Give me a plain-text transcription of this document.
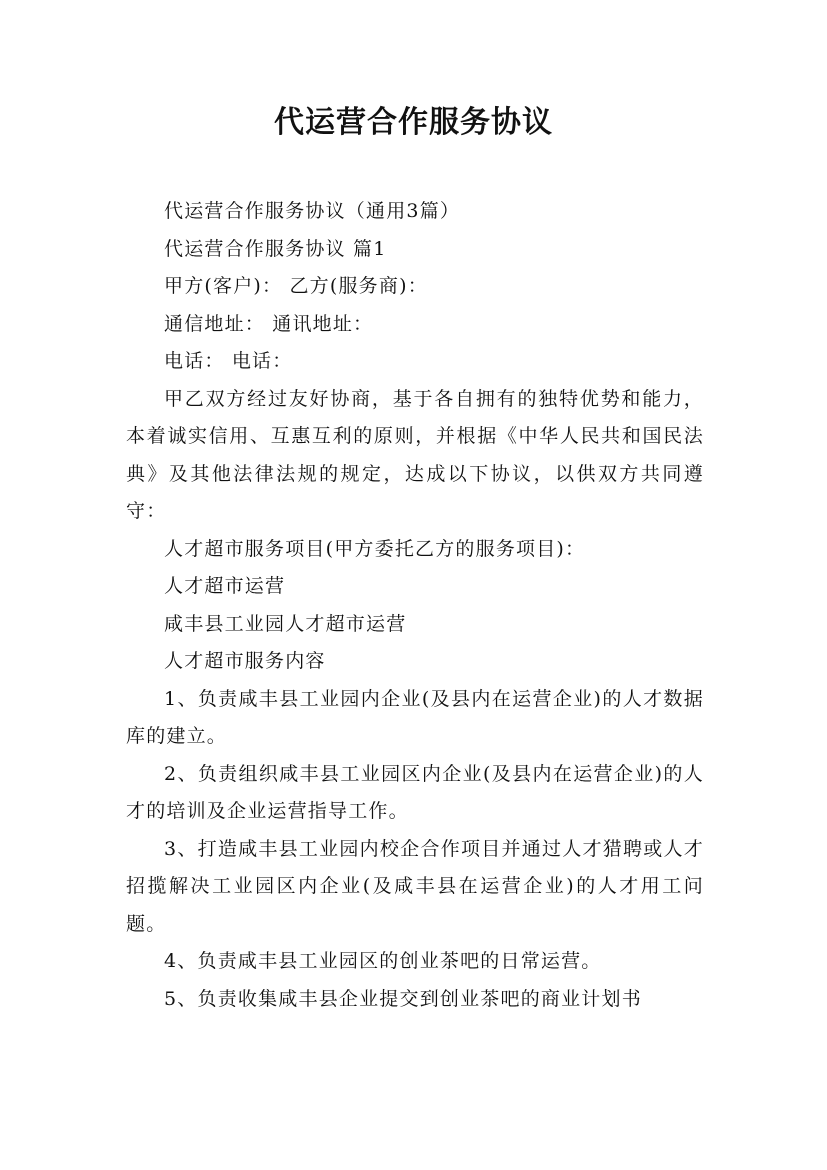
代运营合作服务协议

代运营合作服务协议（通用3篇）

代运营合作服务协议 篇1

甲方(客户)： 乙方(服务商)：

通信地址： 通讯地址：

电话： 电话：

甲乙双方经过友好协商，基于各自拥有的独特优势和能力，本着诚实信用、互惠互利的原则，并根据《中华人民共和国民法典》及其他法律法规的规定，达成以下协议，以供双方共同遵守：

人才超市服务项目(甲方委托乙方的服务项目)：

人才超市运营

咸丰县工业园人才超市运营

人才超市服务内容

1、负责咸丰县工业园内企业(及县内在运营企业)的人才数据库的建立。

2、负责组织咸丰县工业园区内企业(及县内在运营企业)的人才的培训及企业运营指导工作。

3、打造咸丰县工业园内校企合作项目并通过人才猎聘或人才招揽解决工业园区内企业(及咸丰县在运营企业)的人才用工问题。

4、负责咸丰县工业园区的创业茶吧的日常运营。

5、负责收集咸丰县企业提交到创业茶吧的商业计划书
